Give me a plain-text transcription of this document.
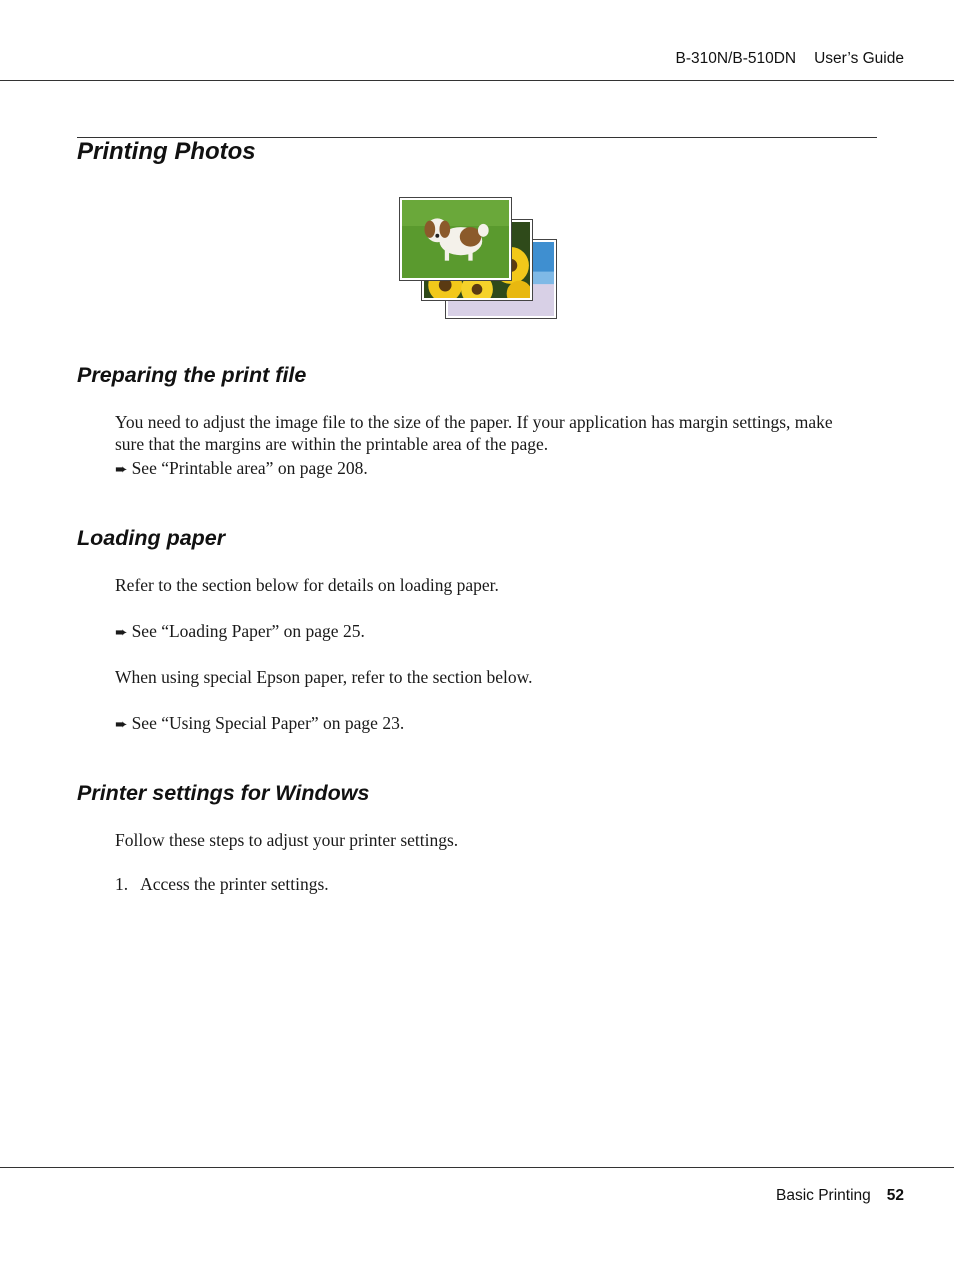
B-310N/B-510DN User’s Guide
Printing Photos
Preparing the print file

You need to adjust the image file to the size of the paper. If your application has margin settings, make

sure that the margins are within the printable area of the page.

➨ See “Printable area” on page 208.
Loading paper

Refer to the section below for details on loading paper.

➨ See “Loading Paper” on page 25.

When using special Epson paper, refer to the section below.

➨ See “Using Special Paper” on page 23.
Printer settings for Windows

Follow these steps to adjust your printer settings.

1. Access the printer settings.
Basic Printing 52
